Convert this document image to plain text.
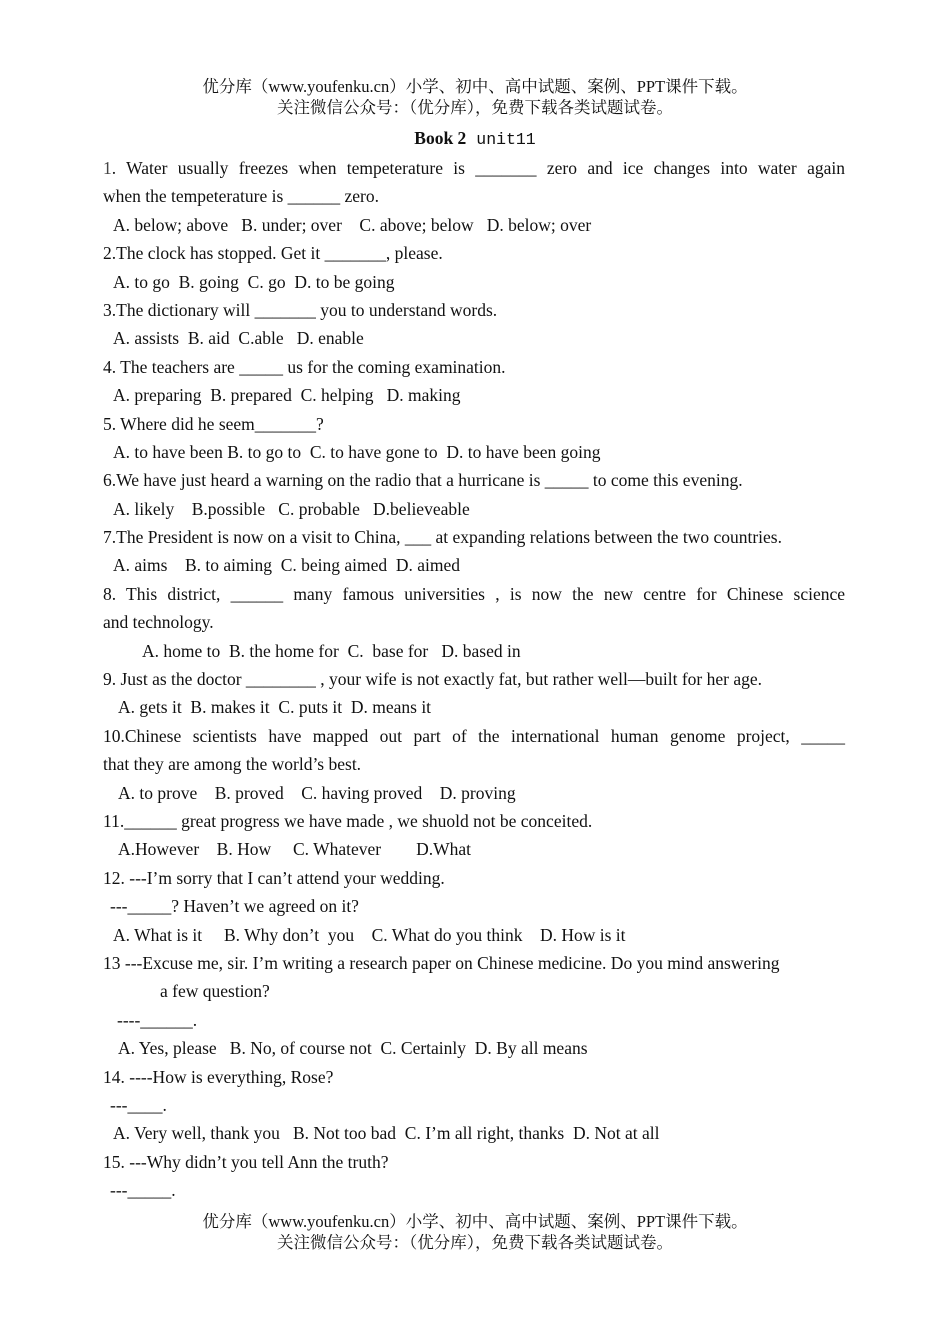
优分库（www.youfenku.cn）小学、初中、高中试题、案例、PPT课件下载。
关注微信公众号：（优分库），免费下载各类试题试卷。
Book 2 unit11
1. Water usually freezes when tempeterature is _______ zero and ice changes into water again
when the tempeterature is ______ zero.
A. below; above   B. under; over    C. above; below   D. below; over
2.The clock has stopped. Get it _______, please.
A. to go  B. going  C. go  D. to be going
3.The dictionary will _______ you to understand words.
A. assists  B. aid  C.able   D. enable
4. The teachers are _____ us for the coming examination.
A. preparing  B. prepared  C. helping   D. making
5. Where did he seem_______?
A. to have been B. to go to  C. to have gone to  D. to have been going
6.We have just heard a warning on the radio that a hurricane is _____ to come this evening.
A. likely    B.possible   C. probable   D.believeable
7.The President is now on a visit to China, ___ at expanding relations between the two countries.
A. aims    B. to aiming  C. being aimed  D. aimed
8. This district, ______ many famous universities , is now the new centre for Chinese science
and technology.
A. home to  B. the home for  C.  base for   D. based in
9. Just as the doctor ________ , your wife is not exactly fat, but rather well—built for her age.
A. gets it  B. makes it  C. puts it  D. means it
10.Chinese scientists have mapped out part of the international human genome project, _____
that they are among the world’s best.
A. to prove    B. proved    C. having proved    D. proving
11.______ great progress we have made , we shuold not be conceited.
A.However    B. How     C. Whatever        D.What
12. ---I’m sorry that I can’t attend your wedding.
---_____? Haven’t we agreed on it?
A. What is it     B. Why don’t  you    C. What do you think    D. How is it
13 ---Excuse me, sir. I’m writing a research paper on Chinese medicine. Do you mind answering
a few question?
----______.
A. Yes, please   B. No, of course not  C. Certainly  D. By all means
14. ----How is everything, Rose?
---____.
A. Very well, thank you   B. Not too bad  C. I’m all right, thanks  D. Not at all
15. ---Why didn’t you tell Ann the truth?
---_____.
优分库（www.youfenku.cn）小学、初中、高中试题、案例、PPT课件下载。
关注微信公众号：（优分库），免费下载各类试题试卷。
